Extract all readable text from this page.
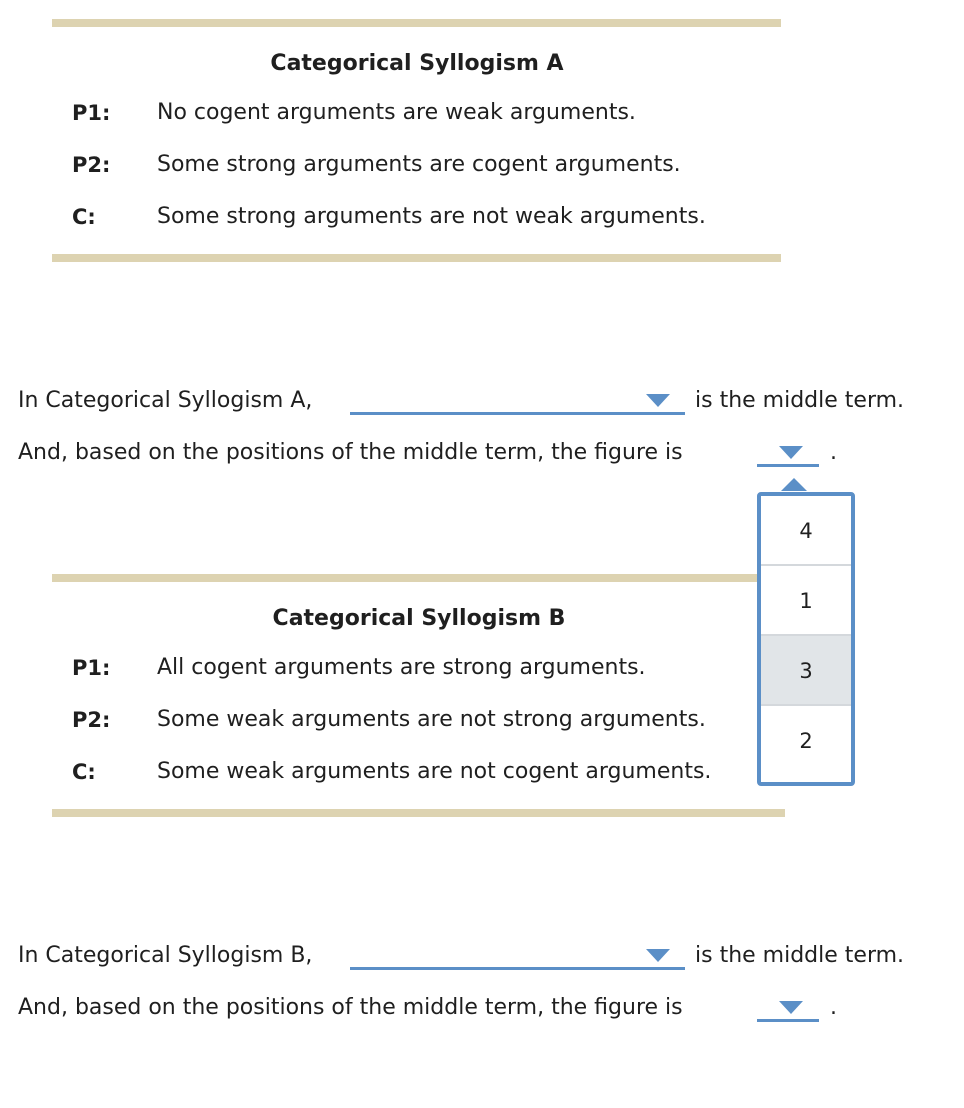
Categorical Syllogism A
P1: No cogent arguments are weak arguments.
P2: Some strong arguments are cogent arguments.
C:	Some strong arguments are not weak arguments.
In Categorical Syllogism A,	is the middle term.
And, based on the positions of the middle term, the figure is	.
Categorical Syllogism B
P1: All cogent arguments are strong arguments.
P2: Some weak arguments are not strong arguments.
C:	Some weak arguments are not cogent arguments.
In Categorical Syllogism B,	is the middle term.
And, based on the positions of the middle term, the figure is	.
4
1
3
2
